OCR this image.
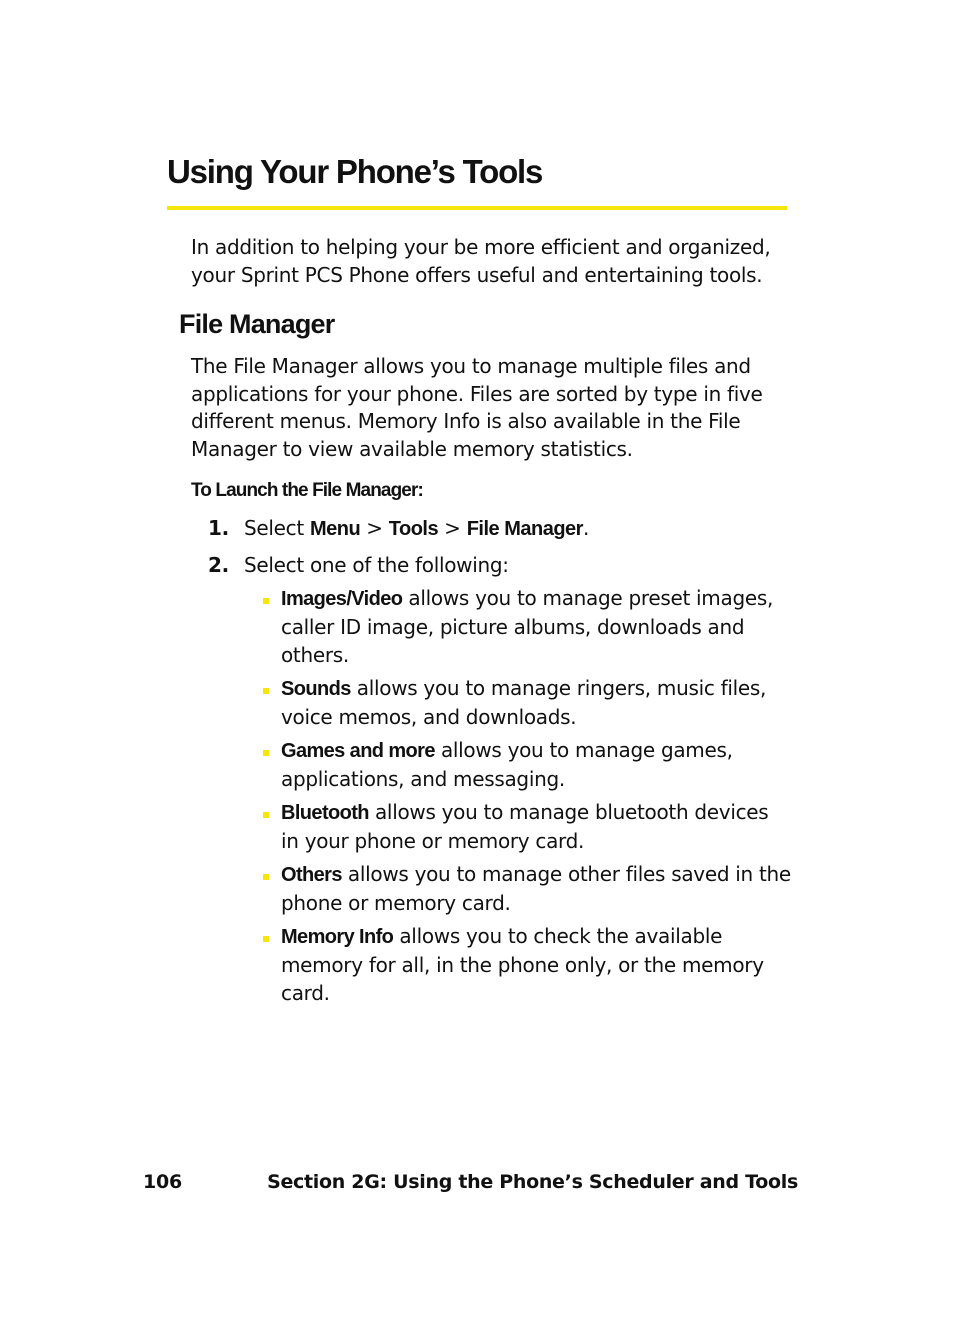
Using Your Phone’s Tools

In addition to helping your be more efficient and organized, your Sprint PCS Phone offers useful and entertaining tools.

File Manager

The File Manager allows you to manage multiple files and applications for your phone. Files are sorted by type in five different menus. Memory Info is also available in the File Manager to view available memory statistics.

To Launch the File Manager:
1. Select Menu > Tools > File Manager.
2. Select one of the following:
Images/Video allows you to manage preset images, caller ID image, picture albums, downloads and others.
Sounds allows you to manage ringers, music files, voice memos, and downloads.
Games and more allows you to manage games, applications, and messaging.
Bluetooth allows you to manage bluetooth devices in your phone or memory card.
Others allows you to manage other files saved in the phone or memory card.
Memory Info allows you to check the available memory for all, in the phone only, or the memory card.
106	Section 2G: Using the Phone’s Scheduler and Tools
